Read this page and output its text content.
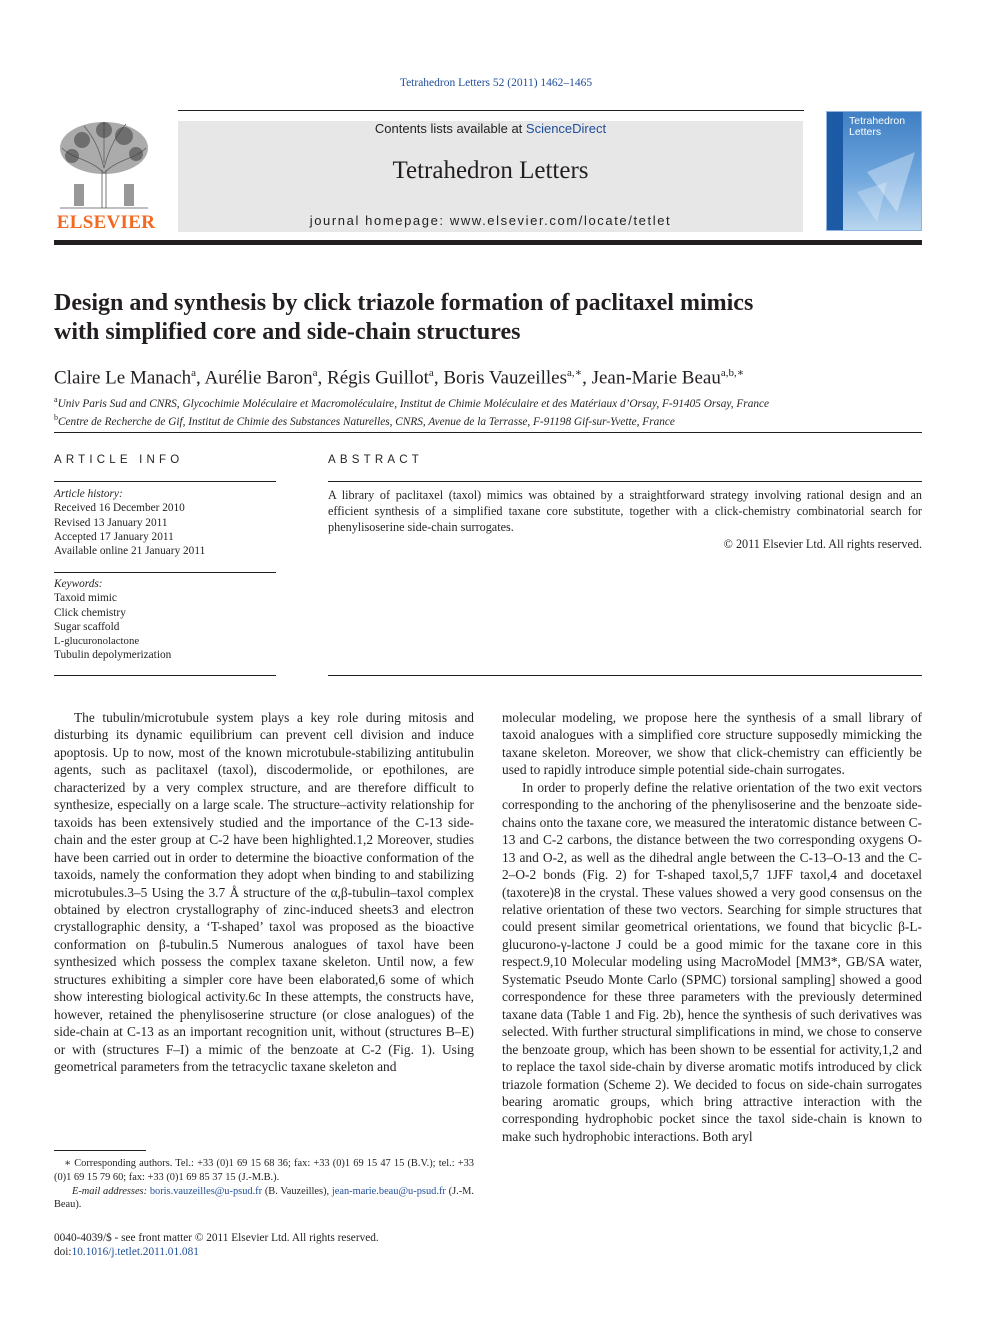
Tetrahedron Letters 52 (2011) 1462–1465
ELSEVIER
Contents lists available at ScienceDirect
Tetrahedron Letters
journal homepage: www.elsevier.com/locate/tetlet
Tetrahedron
Letters
Design and synthesis by click triazole formation of paclitaxel mimics
with simplified core and side-chain structures
Claire Le Manach$^a$, Aurélie Baron$^a$, Régis Guillot$^a$, Boris Vauzeilles$^{a,∗}$, Jean-Marie Beau$^{a,b,∗}$
$^a$Univ Paris Sud and CNRS, Glycochimie Moléculaire et Macromoléculaire, Institut de Chimie Moléculaire et des Matériaux d’Orsay, F-91405 Orsay, France
$^b$Centre de Recherche de Gif, Institut de Chimie des Substances Naturelles, CNRS, Avenue de la Terrasse, F-91198 Gif-sur-Yvette, France
ARTICLE INFO
Article history:
Received 16 December 2010
Revised 13 January 2011
Accepted 17 January 2011
Available online 21 January 2011
Keywords:
Taxoid mimic
Click chemistry
Sugar scaffold
L-glucuronolactone
Tubulin depolymerization
ABSTRACT
A library of paclitaxel (taxol) mimics was obtained by a straightforward strategy involving rational design and an efficient synthesis of a simplified taxane core substitute, together with a click-chemistry combinatorial search for phenylisoserine side-chain surrogates.
© 2011 Elsevier Ltd. All rights reserved.

The tubulin/microtubule system plays a key role during mitosis and disturbing its dynamic equilibrium can prevent cell division and induce apoptosis. Up to now, most of the known microtubule-stabilizing antitubulin agents, such as paclitaxel (taxol), discodermolide, or epothilones, are characterized by a very complex structure, and are therefore difficult to synthesize, especially on a large scale. The structure–activity relationship for taxoids has been extensively studied and the importance of the C-13 side-chain and the ester group at C-2 have been highlighted.1,2 Moreover, studies have been carried out in order to determine the bioactive conformation of the taxoids, namely the conformation they adopt when binding to and stabilizing microtubules.3–5 Using the 3.7 Å structure of the α,β-tubulin–taxol complex obtained by electron crystallography of zinc-induced sheets3 and electron crystallographic density, a ‘T-shaped’ taxol was proposed as the bioactive conformation on β-tubulin.5 Numerous analogues of taxol have been synthesized which possess the complex taxane skeleton. Until now, a few structures exhibiting a simpler core have been elaborated,6 some of which show interesting biological activity.6c In these attempts, the constructs have, however, retained the phenylisoserine structure (or close analogues) of the side-chain at C-13 as an important recognition unit, without (structures B–E) or with (structures F–I) a mimic of the benzoate at C-2 (Fig. 1). Using geometrical parameters from the tetracyclic taxane skeleton and

molecular modeling, we propose here the synthesis of a small library of taxoid analogues with a simplified core structure supposedly mimicking the taxane skeleton. Moreover, we show that click-chemistry can efficiently be used to rapidly introduce simple potential side-chain surrogates.

In order to properly define the relative orientation of the two exit vectors corresponding to the anchoring of the phenylisoserine and the benzoate side-chains onto the taxane core, we measured the interatomic distance between C-13 and C-2 carbons, the distance between the two corresponding oxygens O-13 and O-2, as well as the dihedral angle between the C-13–O-13 and the C-2–O-2 bonds (Fig. 2) for T-shaped taxol,5,7 1JFF taxol,4 and docetaxel (taxotere)8 in the crystal. These values showed a very good consensus on the relative orientation of these two vectors. Searching for simple structures that could present similar geometrical orientations, we found that bicyclic β-L-glucurono-γ-lactone J could be a good mimic for the taxane core in this respect.9,10 Molecular modeling using MacroModel [MM3*, GB/SA water, Systematic Pseudo Monte Carlo (SPMC) torsional sampling] showed a good correspondence for these three parameters with the previously determined taxane data (Table 1 and Fig. 2b), hence the synthesis of such derivatives was selected. With further structural simplifications in mind, we chose to conserve the benzoate group, which has been shown to be essential for activity,1,2 and to replace the taxol side-chain by diverse aromatic motifs introduced by click triazole formation (Scheme 2). We decided to focus on side-chain surrogates bearing aromatic groups, which bring attractive interaction with the corresponding hydrophobic pocket since the taxol side-chain is known to make such hydrophobic interactions. Both aryl

∗ Corresponding authors. Tel.: +33 (0)1 69 15 68 36; fax: +33 (0)1 69 15 47 15 (B.V.); tel.: +33 (0)1 69 15 79 60; fax: +33 (0)1 69 85 37 15 (J.-M.B.).
E-mail addresses: boris.vauzeilles@u-psud.fr (B. Vauzeilles), jean-marie.beau@u-psud.fr (J.-M. Beau).
0040-4039/$ - see front matter © 2011 Elsevier Ltd. All rights reserved.
doi:10.1016/j.tetlet.2011.01.081
